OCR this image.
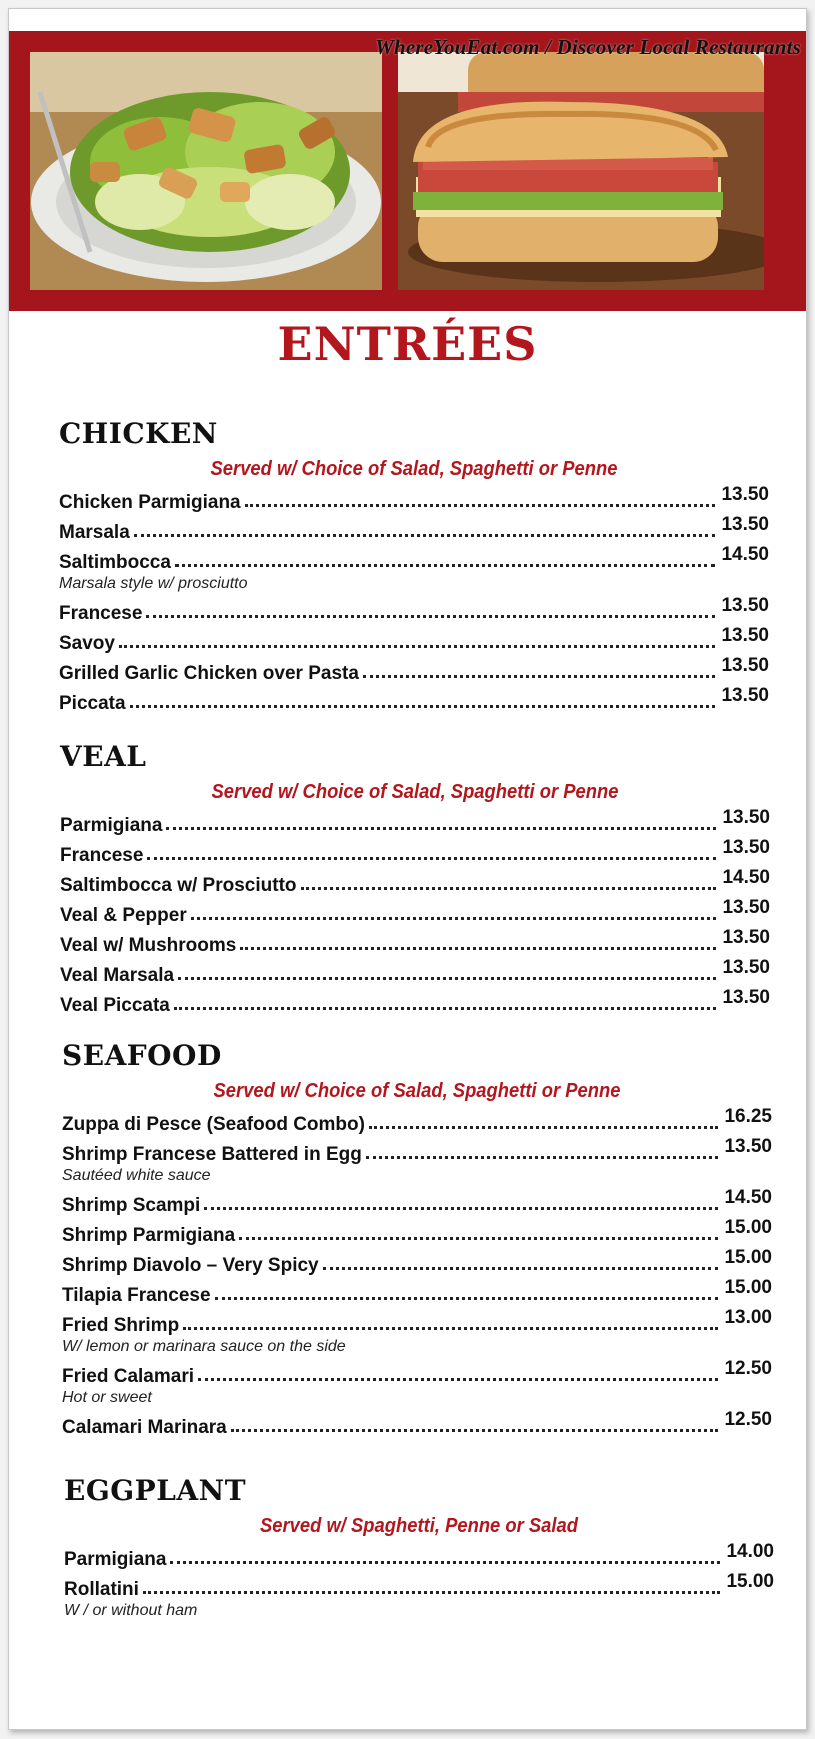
WhereYouEat.com / Discover Local Restaurants
ENTRÉES
CHICKEN
Served w/ Choice of Salad, Spaghetti or Penne
Chicken Parmigiana	13.50
Marsala	13.50
Saltimbocca	14.50
Marsala style w/ prosciutto
Francese	13.50
Savoy	13.50
Grilled Garlic Chicken over Pasta	13.50
Piccata	13.50
VEAL
Served w/ Choice of Salad, Spaghetti or Penne
Parmigiana	13.50
Francese	13.50
Saltimbocca w/ Prosciutto	14.50
Veal & Pepper	13.50
Veal w/ Mushrooms	13.50
Veal Marsala	13.50
Veal Piccata	13.50
SEAFOOD
Served w/ Choice of Salad, Spaghetti or Penne
Zuppa di Pesce (Seafood Combo)	16.25
Shrimp Francese Battered in Egg	13.50
Sautéed white sauce
Shrimp Scampi	14.50
Shrimp Parmigiana	15.00
Shrimp Diavolo – Very Spicy	15.00
Tilapia Francese	15.00
Fried Shrimp	13.00
W/ lemon or marinara sauce on the side
Fried Calamari	12.50
Hot or sweet
Calamari Marinara	12.50
EGGPLANT
Served w/ Spaghetti, Penne or Salad
Parmigiana	14.00
Rollatini	15.00
W / or without ham
